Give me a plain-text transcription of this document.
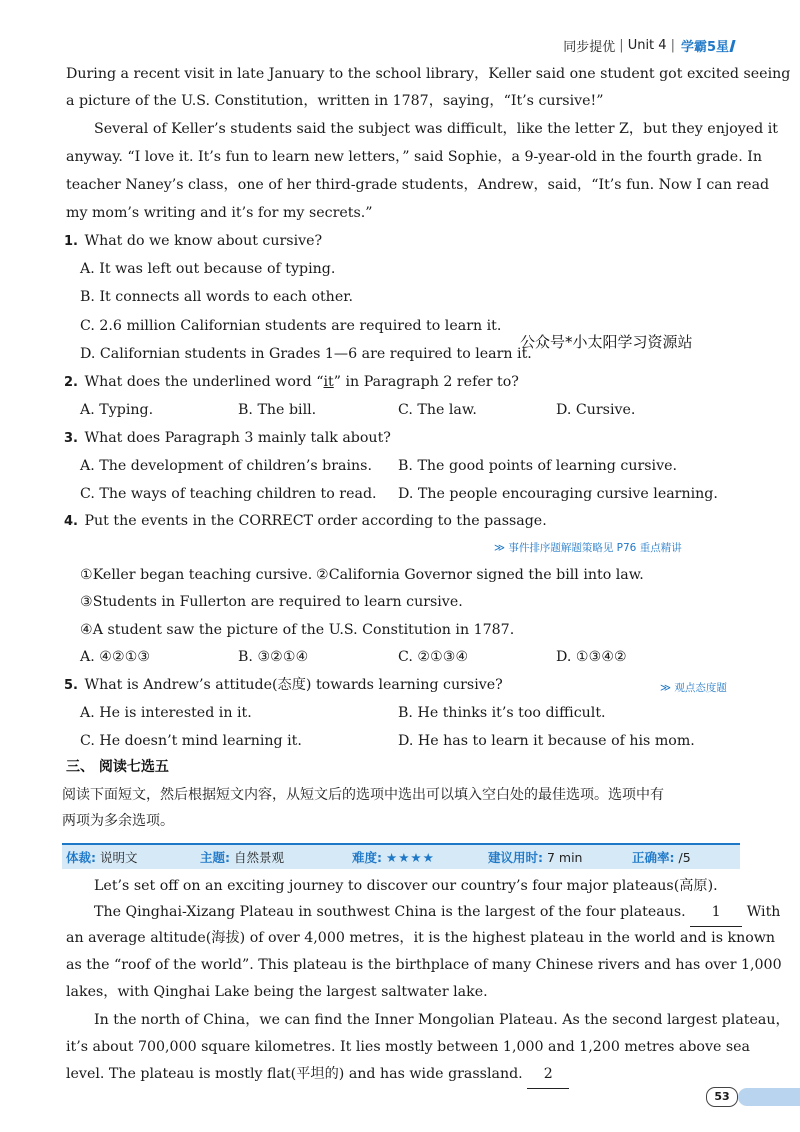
同步提优 | Unit 4 | 学霸5星
During a recent visit in late January to the school library，Keller said one student got excited seeing
a picture of the U.S. Constitution，written in 1787，saying，“It’s cursive!”
Several of Keller’s students said the subject was difficult，like the letter Z，but they enjoyed it
anyway. “I love it. It’s fun to learn new letters，” said Sophie，a 9-year-old in the fourth grade. In
teacher Naney’s class，one of her third-grade students，Andrew，said，“It’s fun. Now I can read
my mom’s writing and it’s for my secrets.”
1. What do we know about cursive?
A. It was left out because of typing.
B. It connects all words to each other.
C. 2.6 million Californian students are required to learn it.
D. Californian students in Grades 1—6 are required to learn it.
公众号*小太阳学习资源站
2. What does the underlined word “it” in Paragraph 2 refer to?
A. Typing.	B. The bill.	C. The law.	D. Cursive.
3. What does Paragraph 3 mainly talk about?
A. The development of children’s brains. B. The good points of learning cursive.
C. The ways of teaching children to read. D. The people encouraging cursive learning.
4. Put the events in the CORRECT order according to the passage.
≫ 事件排序题解题策略见 P76 重点精讲
①Keller began teaching cursive. ②California Governor signed the bill into law.
③Students in Fullerton are required to learn cursive.
④A student saw the picture of the U.S. Constitution in 1787.
A. ④②①③	B. ③②①④	C. ②①③④	D. ①③④②
5. What is Andrew’s attitude(态度) towards learning cursive?	≫ 观点态度题
A. He is interested in it.	B. He thinks it’s too difficult.
C. He doesn’t mind learning it.	D. He has to learn it because of his mom.
三、 阅读七选五
阅读下面短文，然后根据短文内容，从短文后的选项中选出可以填入空白处的最佳选项。选项中有
两项为多余选项。
体裁: 说明文	主题: 自然景观	难度: ★★★★	建议用时: 7 min	正确率: /5
Let’s set off on an exciting journey to discover our country’s four major plateaus(高原).
The Qinghai-Xizang Plateau in southwest China is the largest of the four plateaus. 1 With
an average altitude(海拔) of over 4,000 metres，it is the highest plateau in the world and is known
as the “roof of the world”. This plateau is the birthplace of many Chinese rivers and has over 1,000
lakes，with Qinghai Lake being the largest saltwater lake.
In the north of China，we can find the Inner Mongolian Plateau. As the second largest plateau，
it’s about 700,000 square kilometres. It lies mostly between 1,000 and 1,200 metres above sea
level. The plateau is mostly flat(平坦的) and has wide grassland. 2
53
